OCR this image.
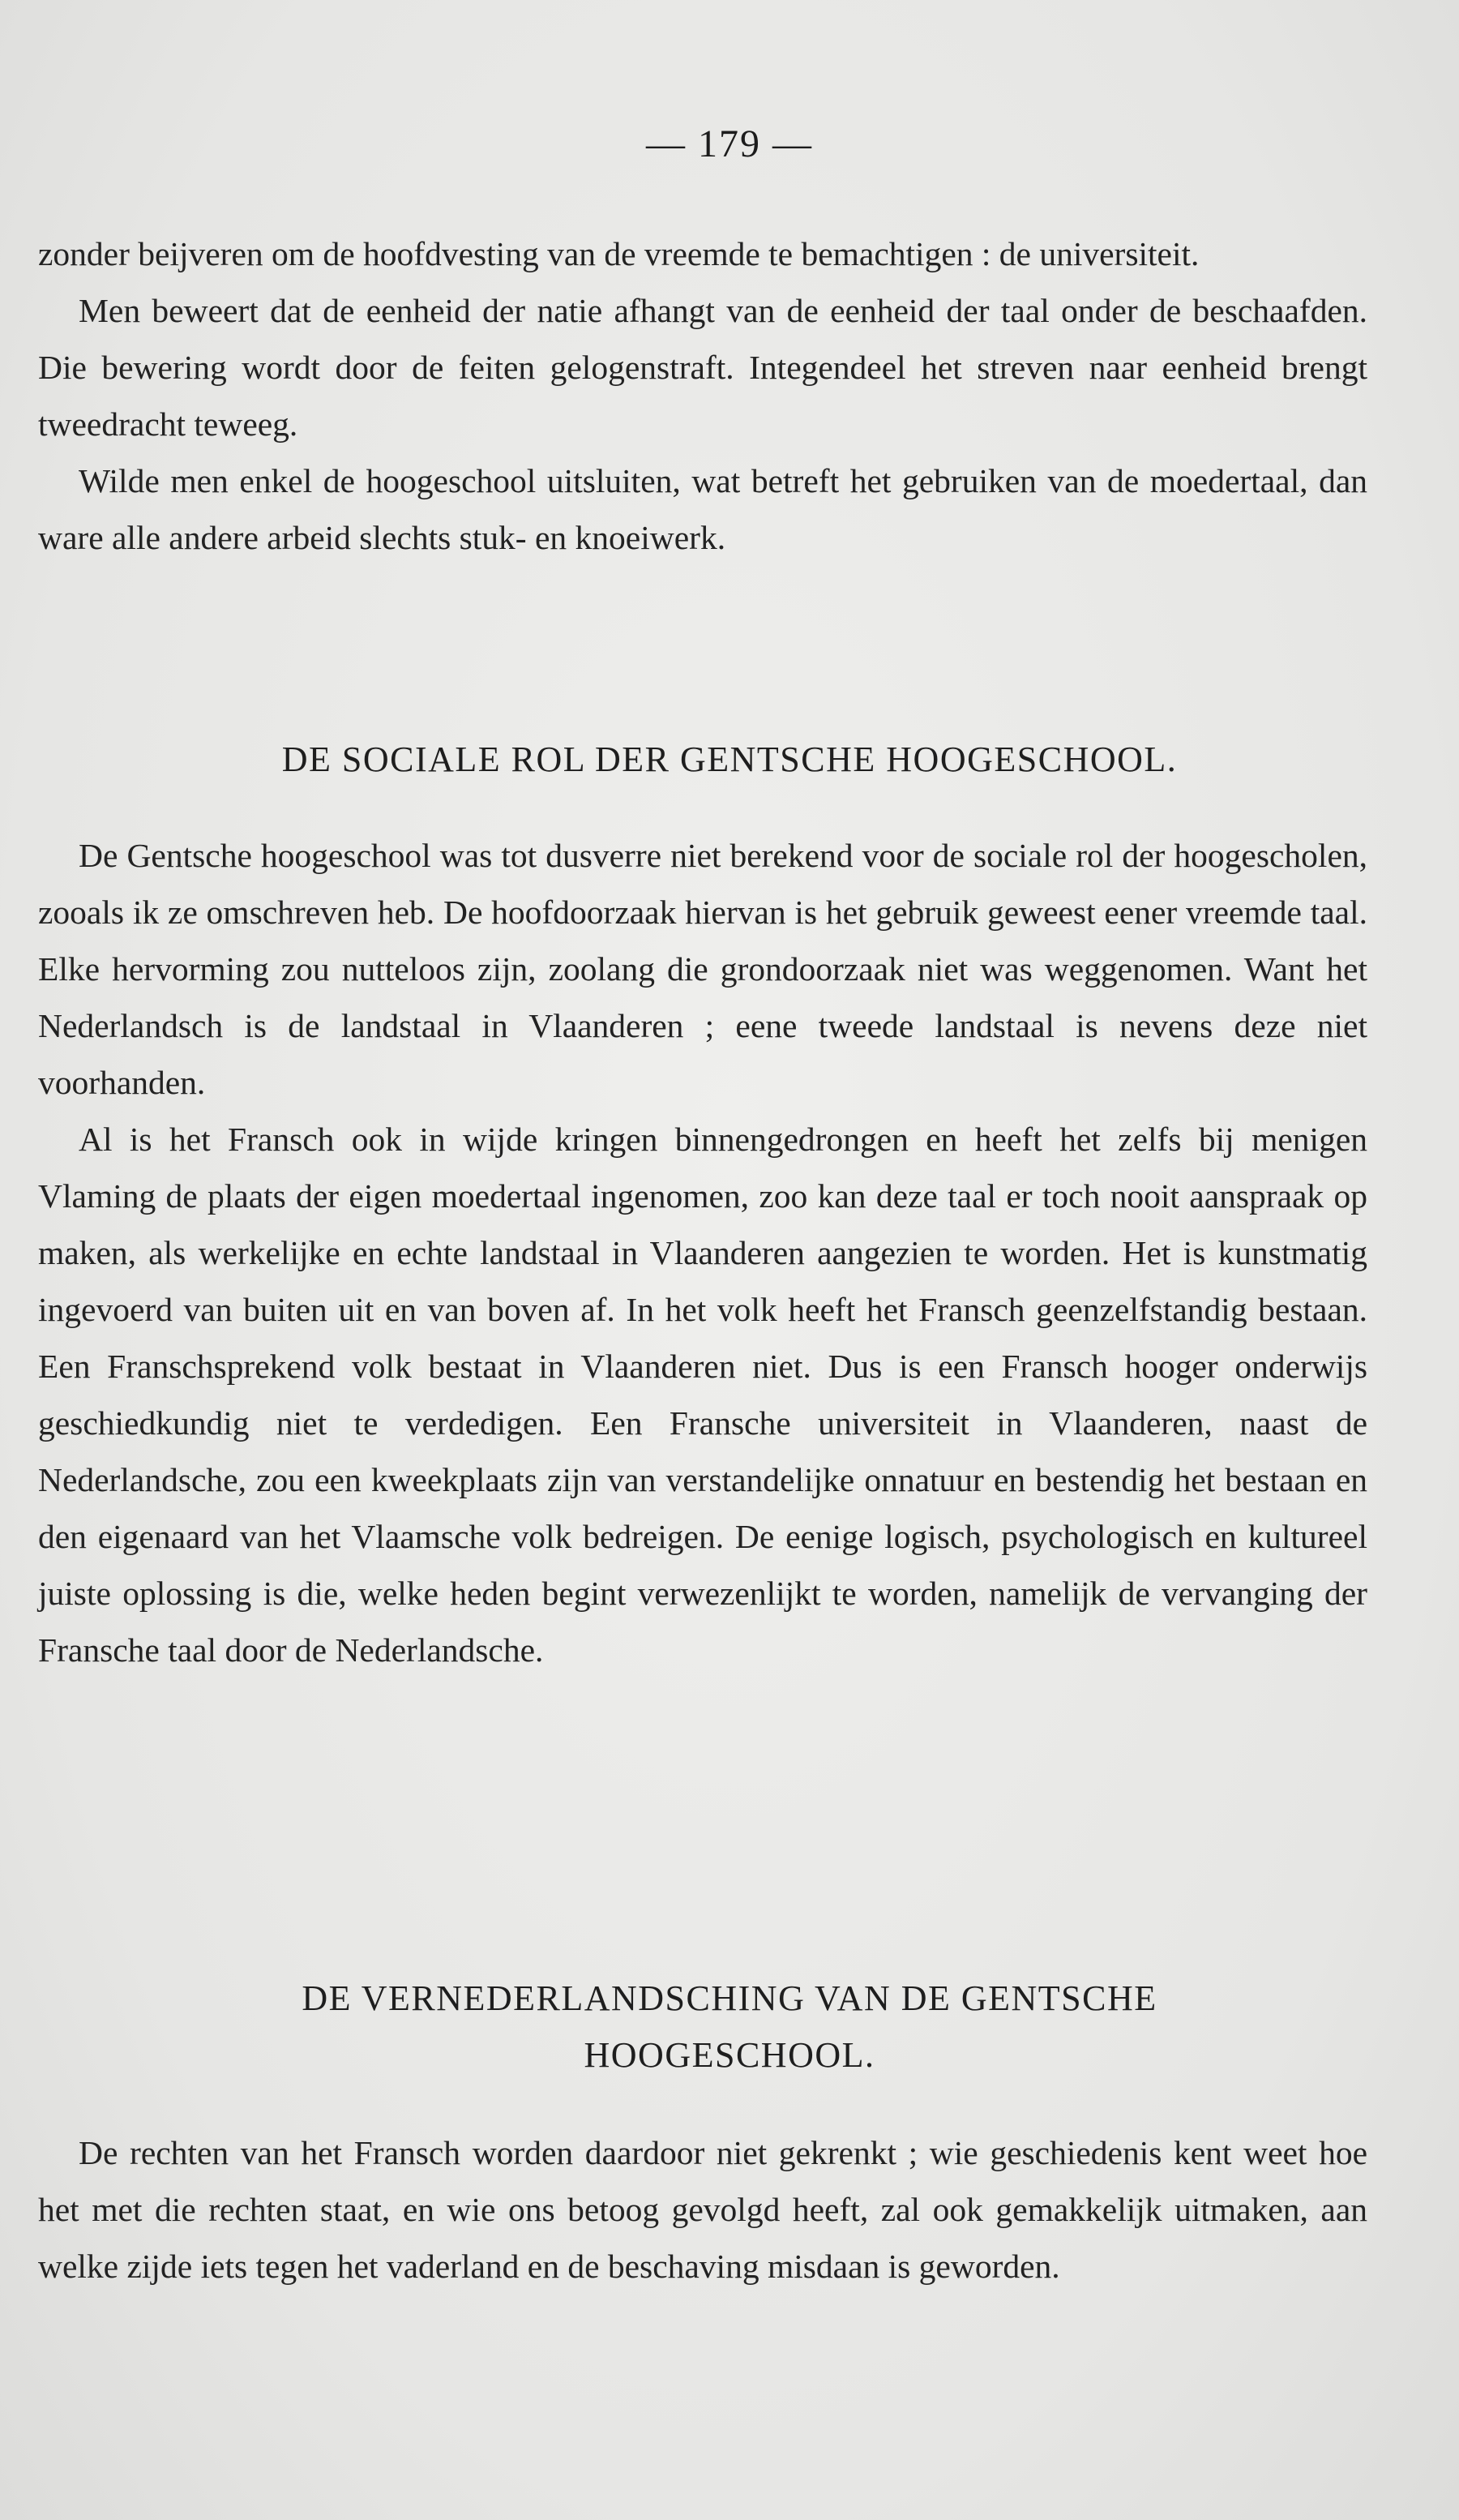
— 179 —

zonder beijveren om de hoofdvesting van de vreemde te bemachtigen : de universiteit.

Men beweert dat de eenheid der natie afhangt van de eenheid der taal onder de beschaafden. Die bewering wordt door de feiten gelogenstraft. Integendeel het streven naar eenheid brengt tweedracht teweeg.

Wilde men enkel de hoogeschool uitsluiten, wat betreft het gebruiken van de moedertaal, dan ware alle andere arbeid slechts stuk- en knoeiwerk.

DE SOCIALE ROL DER GENTSCHE HOOGESCHOOL.

De Gentsche hoogeschool was tot dusverre niet berekend voor de sociale rol der hoogescholen, zooals ik ze omschreven heb. De hoofdoorzaak hiervan is het gebruik geweest eener vreemde taal. Elke hervorming zou nutteloos zijn, zoolang die grondoorzaak niet was weggenomen. Want het Nederlandsch is de landstaal in Vlaanderen ; eene tweede landstaal is nevens deze niet voorhanden.

Al is het Fransch ook in wijde kringen binnengedrongen en heeft het zelfs bij menigen Vlaming de plaats der eigen moedertaal ingenomen, zoo kan deze taal er toch nooit aanspraak op maken, als werkelijke en echte landstaal in Vlaanderen aangezien te worden. Het is kunstmatig ingevoerd van buiten uit en van boven af. In het volk heeft het Fransch geenzelfstandig bestaan. Een Franschsprekend volk bestaat in Vlaanderen niet. Dus is een Fransch hooger onderwijs geschiedkundig niet te verdedigen. Een Fransche universiteit in Vlaanderen, naast de Nederlandsche, zou een kweekplaats zijn van verstandelijke onnatuur en bestendig het bestaan en den eigenaard van het Vlaamsche volk bedreigen. De eenige logisch, psychologisch en kultureel juiste oplossing is die, welke heden begint verwezenlijkt te worden, namelijk de vervanging der Fransche taal door de Nederlandsche.

DE VERNEDERLANDSCHING VAN DE GENTSCHE
HOOGESCHOOL.

De rechten van het Fransch worden daardoor niet gekrenkt ; wie geschiedenis kent weet hoe het met die rechten staat, en wie ons betoog gevolgd heeft, zal ook gemakkelijk uitmaken, aan welke zijde iets tegen het vaderland en de beschaving misdaan is geworden.
